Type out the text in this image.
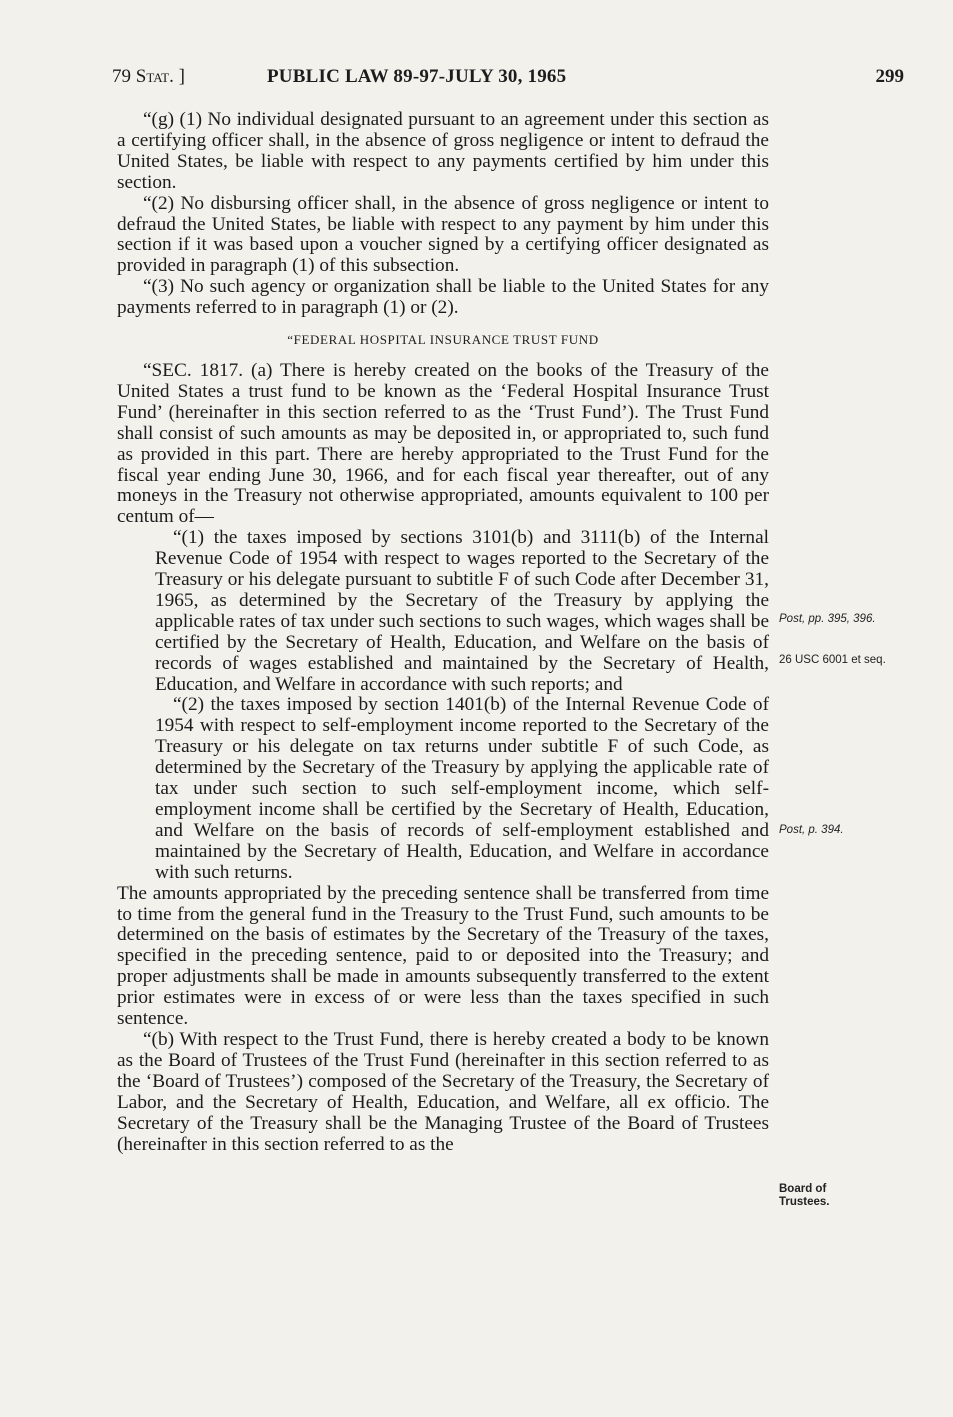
79 Stat. ]	PUBLIC LAW 89-97-JULY 30, 1965	299

“(g) (1) No individual designated pursuant to an agreement under this section as a certifying officer shall, in the absence of gross negligence or intent to defraud the United States, be liable with respect to any payments certified by him under this section.

“(2) No disbursing officer shall, in the absence of gross negligence or intent to defraud the United States, be liable with respect to any payment by him under this section if it was based upon a voucher signed by a certifying officer designated as provided in paragraph (1) of this subsection.

“(3) No such agency or organization shall be liable to the United States for any payments referred to in paragraph (1) or (2).

“FEDERAL HOSPITAL INSURANCE TRUST FUND

“SEC. 1817. (a) There is hereby created on the books of the Treasury of the United States a trust fund to be known as the ‘Federal Hospital Insurance Trust Fund’ (hereinafter in this section referred to as the ‘Trust Fund’). The Trust Fund shall consist of such amounts as may be deposited in, or appropriated to, such fund as provided in this part. There are hereby appropriated to the Trust Fund for the fiscal year ending June 30, 1966, and for each fiscal year thereafter, out of any moneys in the Treasury not otherwise appropriated, amounts equivalent to 100 per centum of—

“(1) the taxes imposed by sections 3101(b) and 3111(b) of the Internal Revenue Code of 1954 with respect to wages reported to the Secretary of the Treasury or his delegate pursuant to subtitle F of such Code after December 31, 1965, as determined by the Secretary of the Treasury by applying the applicable rates of tax under such sections to such wages, which wages shall be certified by the Secretary of Health, Education, and Welfare on the basis of records of wages established and maintained by the Secretary of Health, Education, and Welfare in accordance with such reports; and

“(2) the taxes imposed by section 1401(b) of the Internal Revenue Code of 1954 with respect to self-employment income reported to the Secretary of the Treasury or his delegate on tax returns under subtitle F of such Code, as determined by the Secretary of the Treasury by applying the applicable rate of tax under such section to such self-employment income, which self-employment income shall be certified by the Secretary of Health, Education, and Welfare on the basis of records of self-employment established and maintained by the Secretary of Health, Education, and Welfare in accordance with such returns.

The amounts appropriated by the preceding sentence shall be transferred from time to time from the general fund in the Treasury to the Trust Fund, such amounts to be determined on the basis of estimates by the Secretary of the Treasury of the taxes, specified in the preceding sentence, paid to or deposited into the Treasury; and proper adjustments shall be made in amounts subsequently transferred to the extent prior estimates were in excess of or were less than the taxes specified in such sentence.

“(b) With respect to the Trust Fund, there is hereby created a body to be known as the Board of Trustees of the Trust Fund (hereinafter in this section referred to as the ‘Board of Trustees’) composed of the Secretary of the Treasury, the Secretary of Labor, and the Secretary of Health, Education, and Welfare, all ex officio. The Secretary of the Treasury shall be the Managing Trustee of the Board of Trustees (hereinafter in this section referred to as the

Post, pp. 395, 396.
26 USC 6001 et seq.
Post, p. 394.
Board of Trustees.
